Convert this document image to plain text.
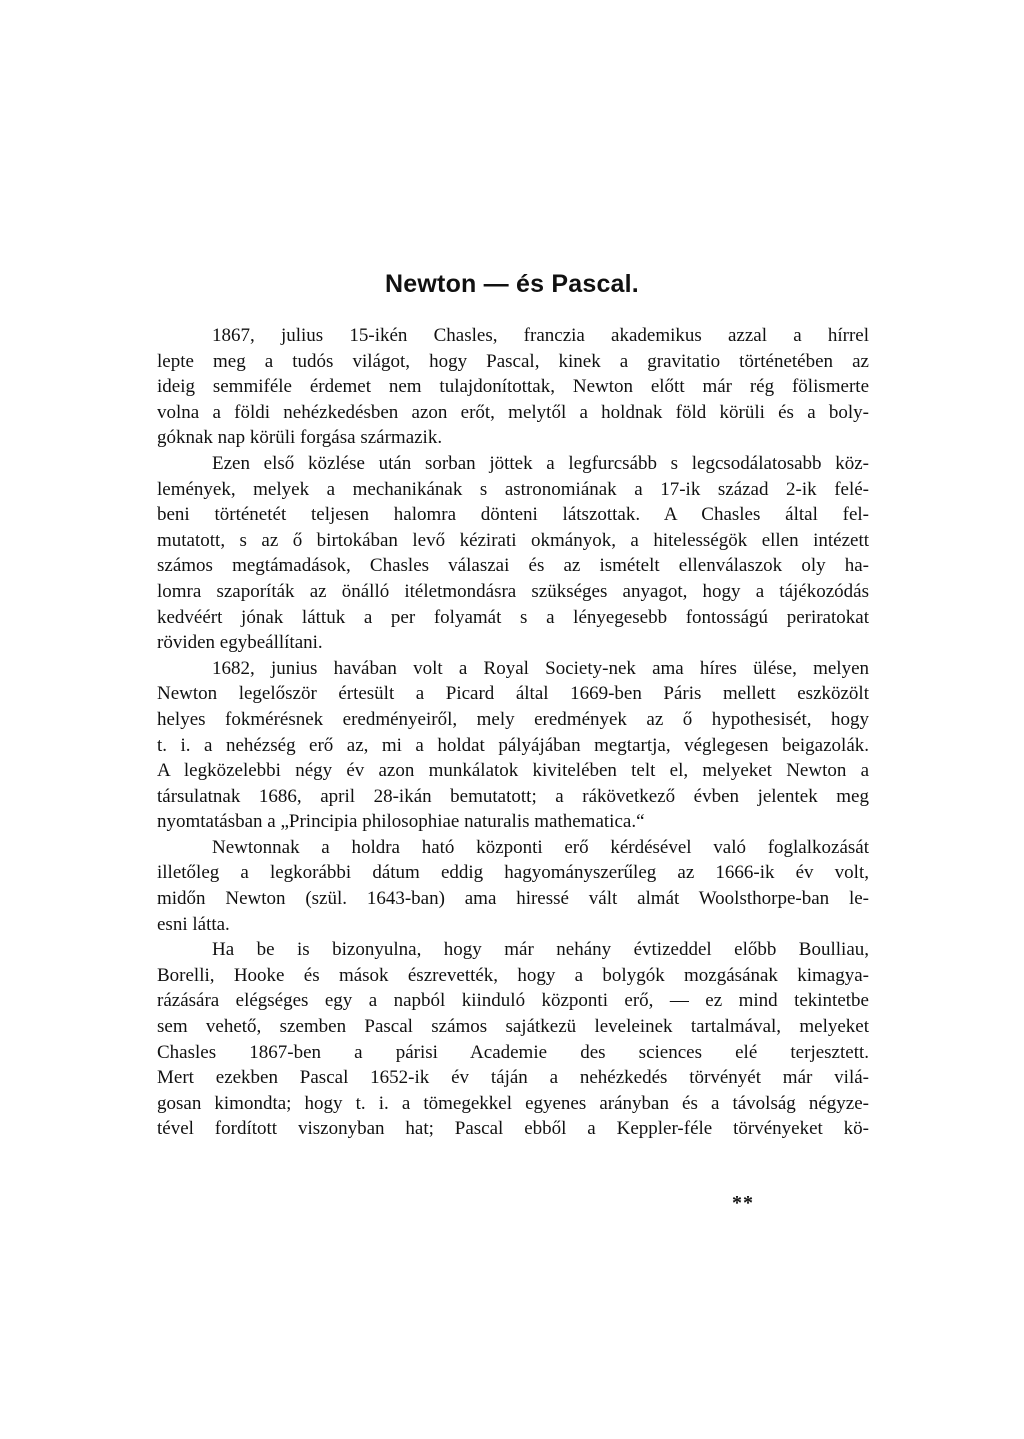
Newton — és Pascal.
1867, julius 15-ikén Chasles, franczia akademikus azzal a hírrel
lepte meg a tudós világot, hogy Pascal, kinek a gravitatio történetében az
ideig semmiféle érdemet nem tulajdonítottak, Newton előtt már rég fölismerte
volna a földi nehézkedésben azon erőt, melytől a holdnak föld körüli és a boly-
góknak nap körüli forgása származik.
Ezen első közlése után sorban jöttek a legfurcsább s legcsodálatosabb köz-
lemények, melyek a mechanikának s astronomiának a 17-ik század 2-ik felé-
beni történetét teljesen halomra dönteni látszottak. A Chasles által fel-
mutatott, s az ő birtokában levő kézirati okmányok, a hitelességök ellen intézett
számos megtámadások, Chasles válaszai és az ismételt ellenválaszok oly ha-
lomra szaporíták az önálló itéletmondásra szükséges anyagot, hogy a tájékozódás
kedvéért jónak láttuk a per folyamát s a lényegesebb fontosságú periratokat
röviden egybeállítani.
1682, junius havában volt a Royal Society-nek ama híres ülése, melyen
Newton legelőször értesült a Picard által 1669-ben Páris mellett eszközölt
helyes fokmérésnek eredményeiről, mely eredmények az ő hypothesisét, hogy
t. i. a nehézség erő az, mi a holdat pályájában megtartja, véglegesen beigazolák.
A legközelebbi négy év azon munkálatok kivitelében telt el, melyeket Newton a
társulatnak 1686, april 28-ikán bemutatott; a rákövetkező évben jelentek meg
nyomtatásban a „Principia philosophiae naturalis mathematica.“
Newtonnak a holdra ható központi erő kérdésével való foglalkozását
illetőleg a legkorábbi dátum eddig hagyományszerűleg az 1666-ik év volt,
midőn Newton (szül. 1643-ban) ama hiressé vált almát Woolsthorpe-ban le-
esni látta.
Ha be is bizonyulna, hogy már nehány évtizeddel előbb Boulliau,
Borelli, Hooke és mások észrevették, hogy a bolygók mozgásának kimagya-
rázására elégséges egy a napból kiinduló központi erő, — ez mind tekintetbe
sem vehető, szemben Pascal számos sajátkezü leveleinek tartalmával, melyeket
Chasles 1867-ben a párisi Academie des sciences elé terjesztett.
Mert ezekben Pascal 1652-ik év táján a nehézkedés törvényét már vilá-
gosan kimondta; hogy t. i. a tömegekkel egyenes arányban és a távolság négyze-
tével fordított viszonyban hat; Pascal ebből a Keppler-féle törvényeket kö-
**
